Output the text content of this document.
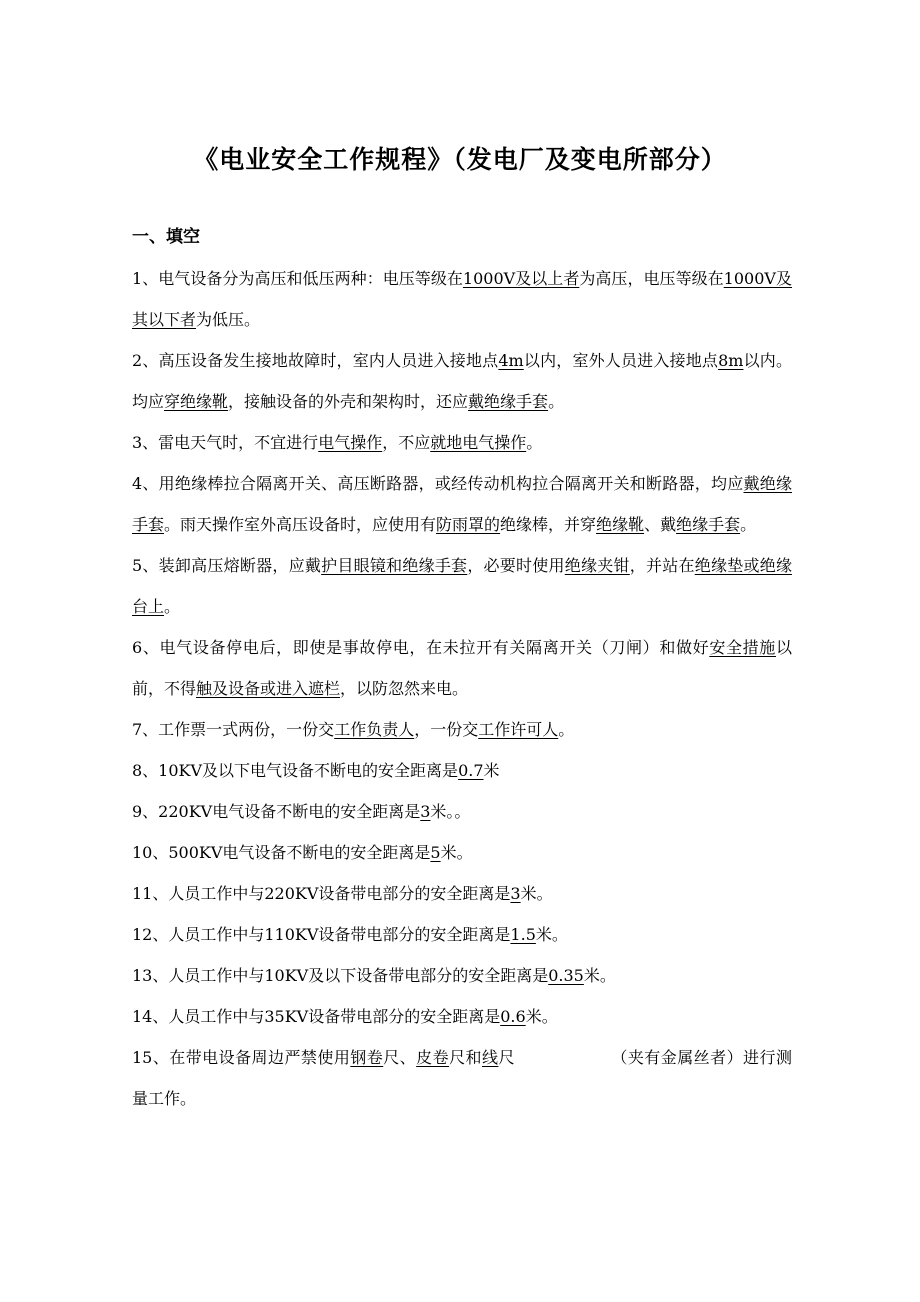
《电业安全工作规程》（发电厂及变电所部分）
一、填空

1、电气设备分为高压和低压两种：电压等级在1000V及以上者为高压，电压等级在1000V及其以下者为低压。

2、高压设备发生接地故障时，室内人员进入接地点4m以内，室外人员进入接地点8m以内。均应穿绝缘靴，接触设备的外壳和架构时，还应戴绝缘手套。

3、雷电天气时，不宜进行电气操作，不应就地电气操作。

4、用绝缘棒拉合隔离开关、高压断路器，或经传动机构拉合隔离开关和断路器，均应戴绝缘手套。雨天操作室外高压设备时，应使用有防雨罩的绝缘棒，并穿绝缘靴、戴绝缘手套。

5、装卸高压熔断器，应戴护目眼镜和绝缘手套，必要时使用绝缘夹钳，并站在绝缘垫或绝缘台上。

6、电气设备停电后，即使是事故停电，在未拉开有关隔离开关（刀闸）和做好安全措施以前，不得触及设备或进入遮栏，以防忽然来电。

7、工作票一式两份，一份交工作负责人，一份交工作许可人。

8、10KV及以下电气设备不断电的安全距离是0.7米

9、220KV电气设备不断电的安全距离是3米。。

10、500KV电气设备不断电的安全距离是5米。

11、人员工作中与220KV设备带电部分的安全距离是3米。

12、人员工作中与110KV设备带电部分的安全距离是1.5米。

13、人员工作中与10KV及以下设备带电部分的安全距离是0.35米。

14、人员工作中与35KV设备带电部分的安全距离是0.6米。

15、在带电设备周边严禁使用钢卷尺、皮卷尺和线尺	（夹有金属丝者）进行测量工作。
